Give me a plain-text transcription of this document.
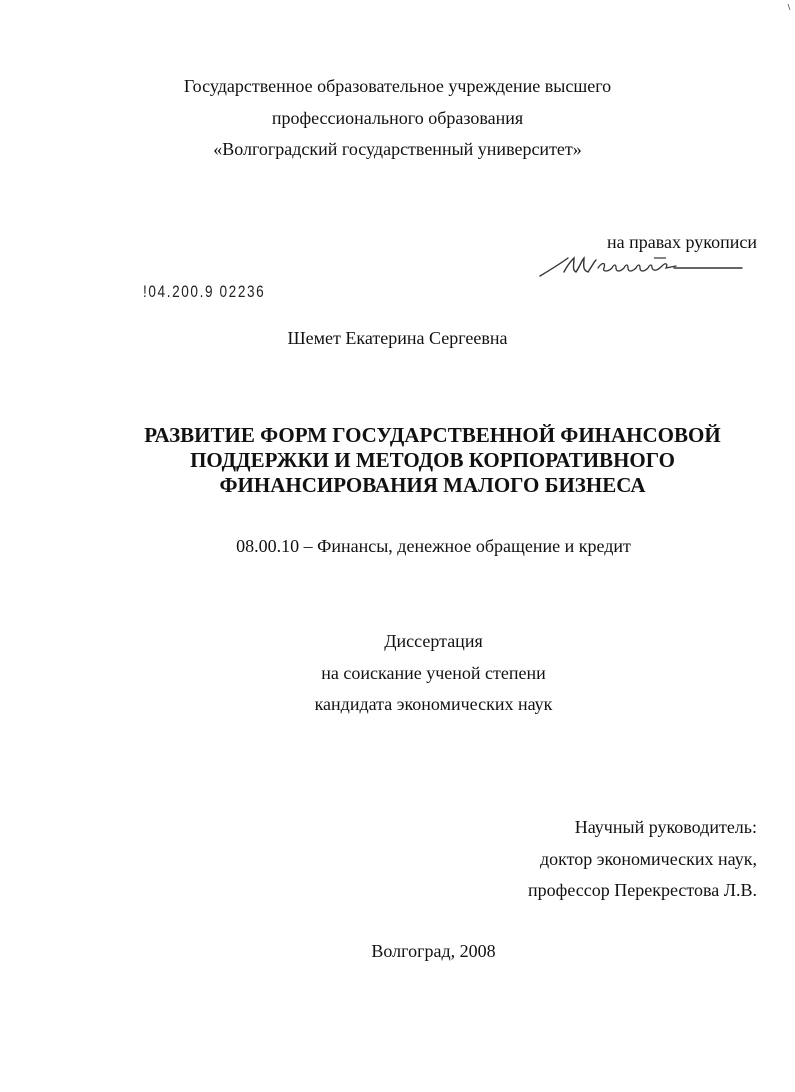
Государственное образовательное учреждение высшего
профессионального образования
«Волгоградский государственный университет»
на правах рукописи
!04.200.9 02236
Шемет Екатерина Сергеевна
РАЗВИТИЕ ФОРМ ГОСУДАРСТВЕННОЙ ФИНАНСОВОЙ
ПОДДЕРЖКИ И МЕТОДОВ КОРПОРАТИВНОГО
ФИНАНСИРОВАНИЯ МАЛОГО БИЗНЕСА
08.00.10 – Финансы, денежное обращение и кредит
Диссертация
на соискание ученой степени
кандидата экономических наук
Научный руководитель:
доктор экономических наук,
профессор Перекрестова Л.В.
Волгоград, 2008
